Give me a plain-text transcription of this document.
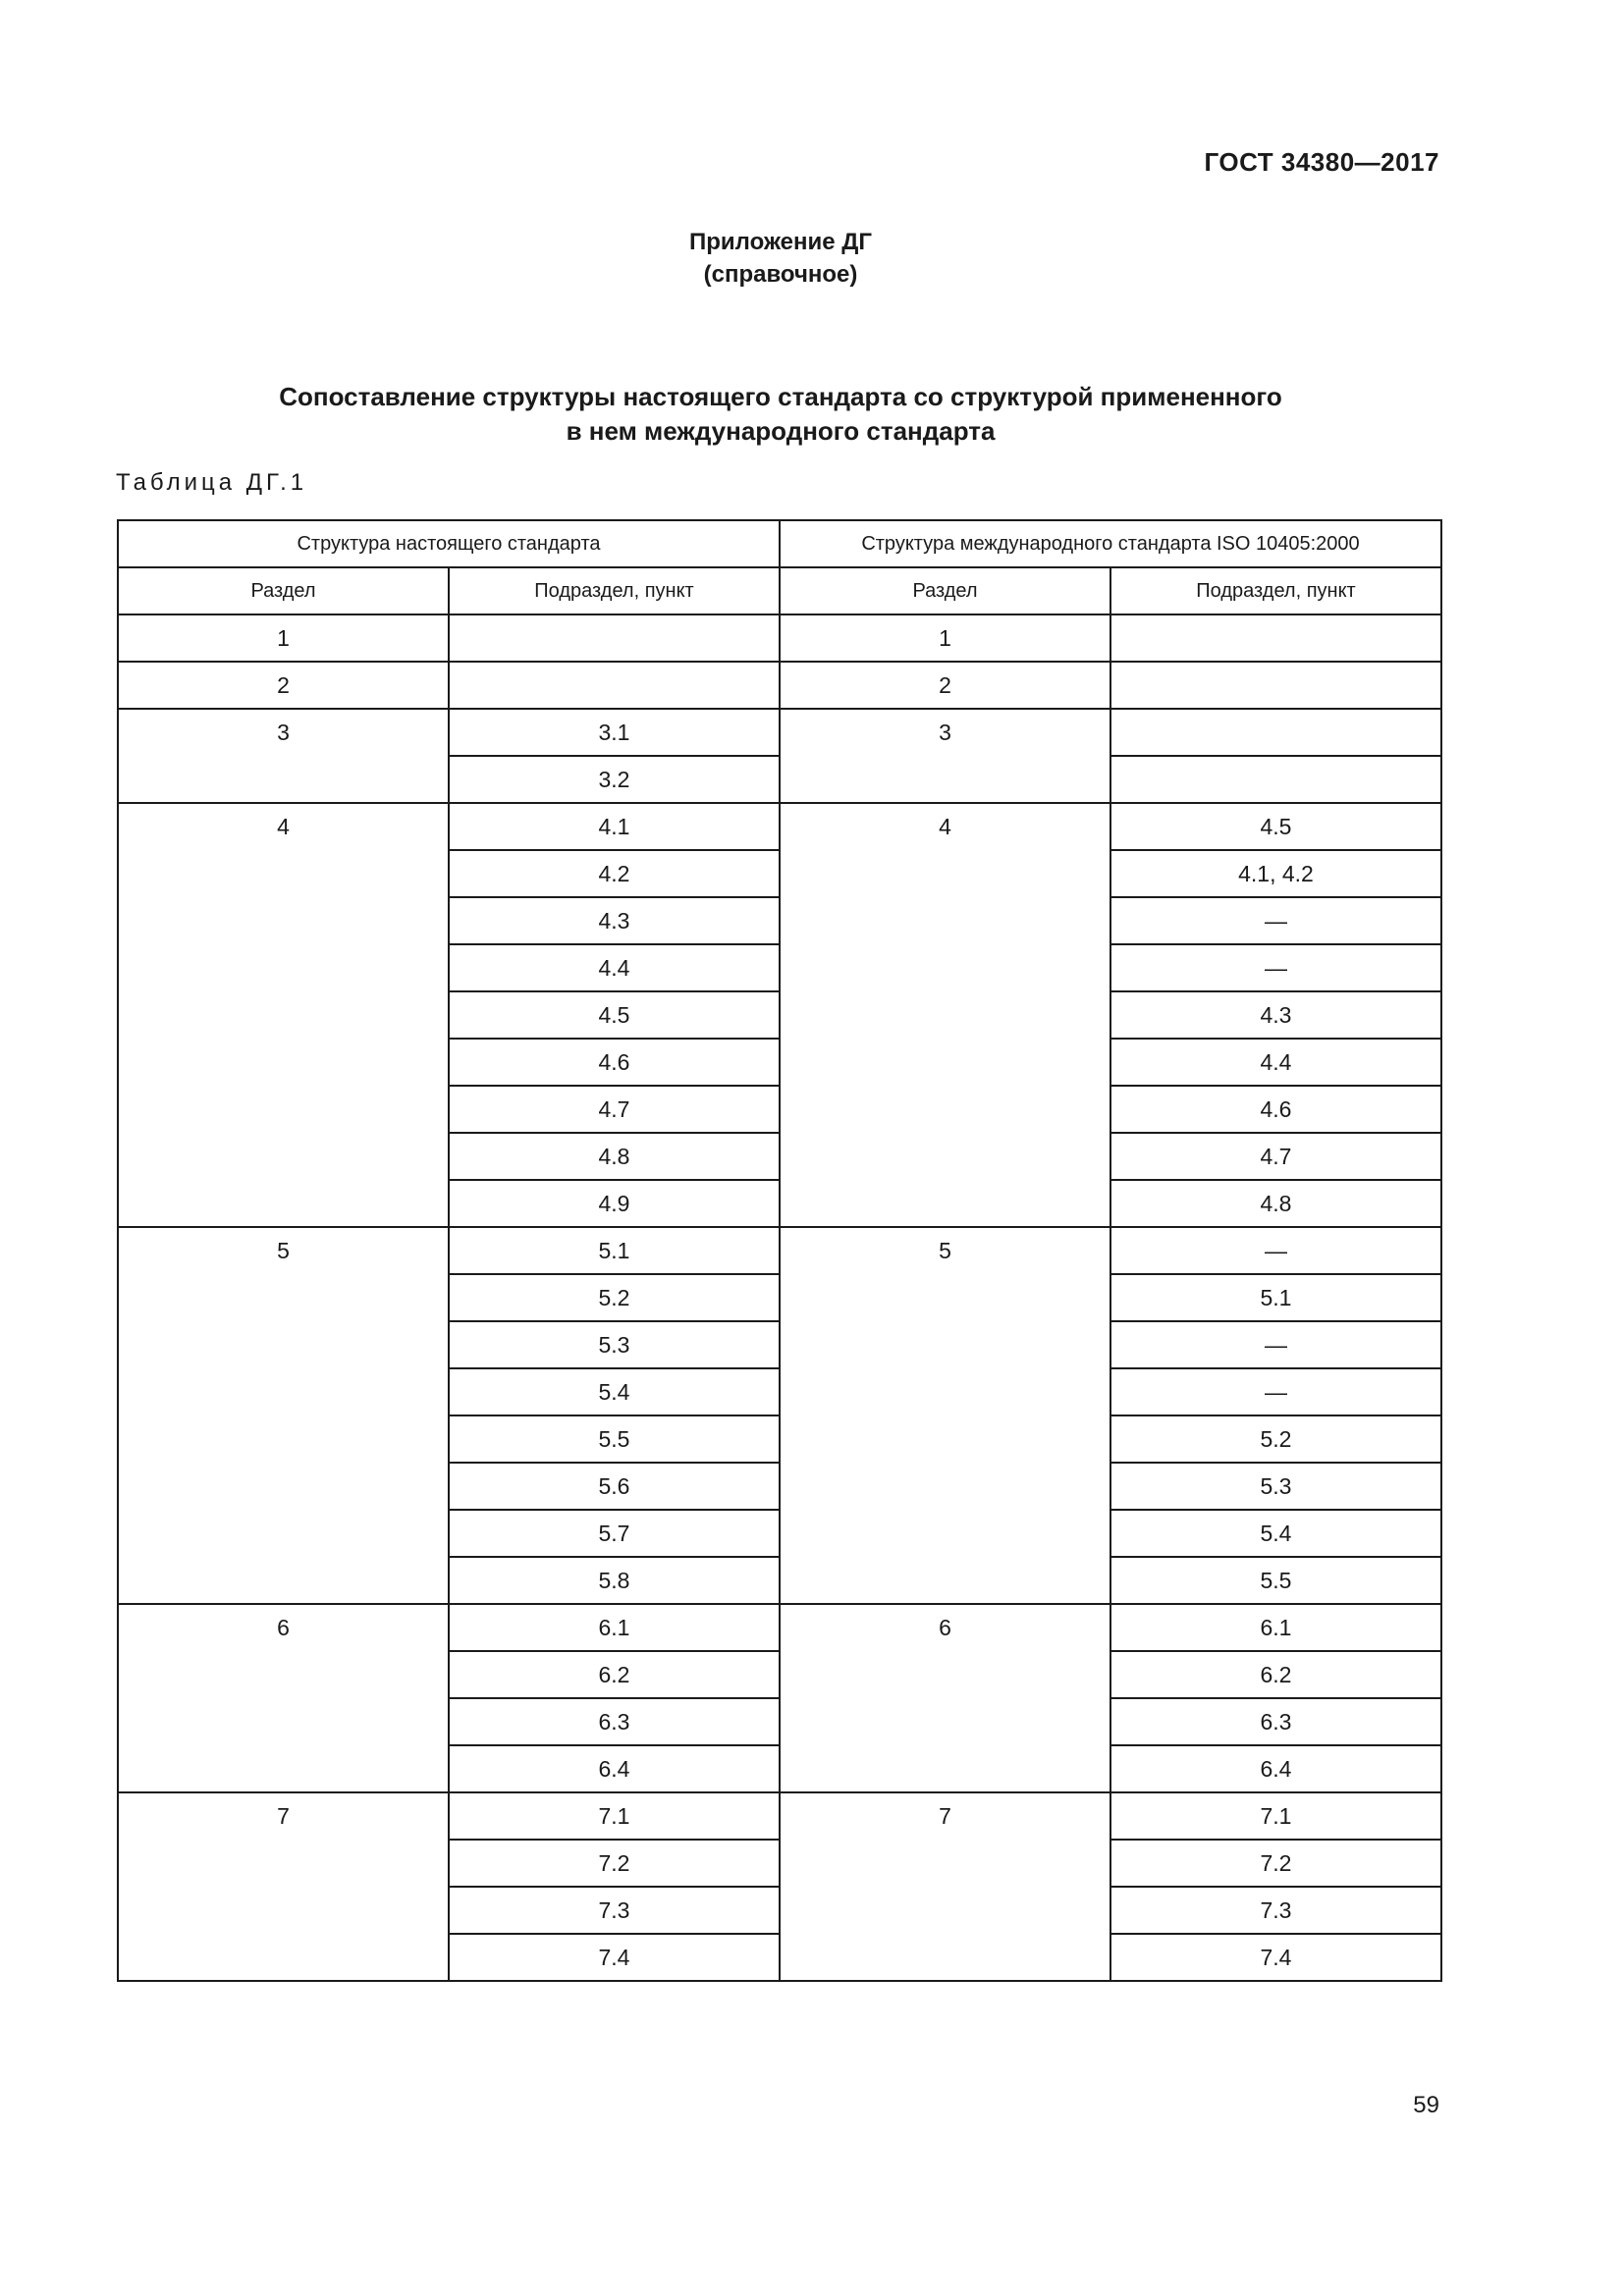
ГОСТ 34380—2017
Приложение ДГ
(справочное)
Сопоставление структуры настоящего стандарта со структурой примененного
в нем международного стандарта
Таблица ДГ.1
Структура настоящего стандарта		Структура международного стандарта ISO 10405:2000	
Раздел	Подраздел, пункт	Раздел	Подраздел, пункт
1		1	
2		2	
3	3.1	3	
	3.2		
4	4.1	4	4.5
	4.2		4.1, 4.2
	4.3		—
	4.4		—
	4.5		4.3
	4.6		4.4
	4.7		4.6
	4.8		4.7
	4.9		4.8
5	5.1	5	—
	5.2		5.1
	5.3		—
	5.4		—
	5.5		5.2
	5.6		5.3
	5.7		5.4
	5.8		5.5
6	6.1	6	6.1
	6.2		6.2
	6.3		6.3
	6.4		6.4
7	7.1	7	7.1
	7.2		7.2
	7.3		7.3
	7.4		7.4
59
